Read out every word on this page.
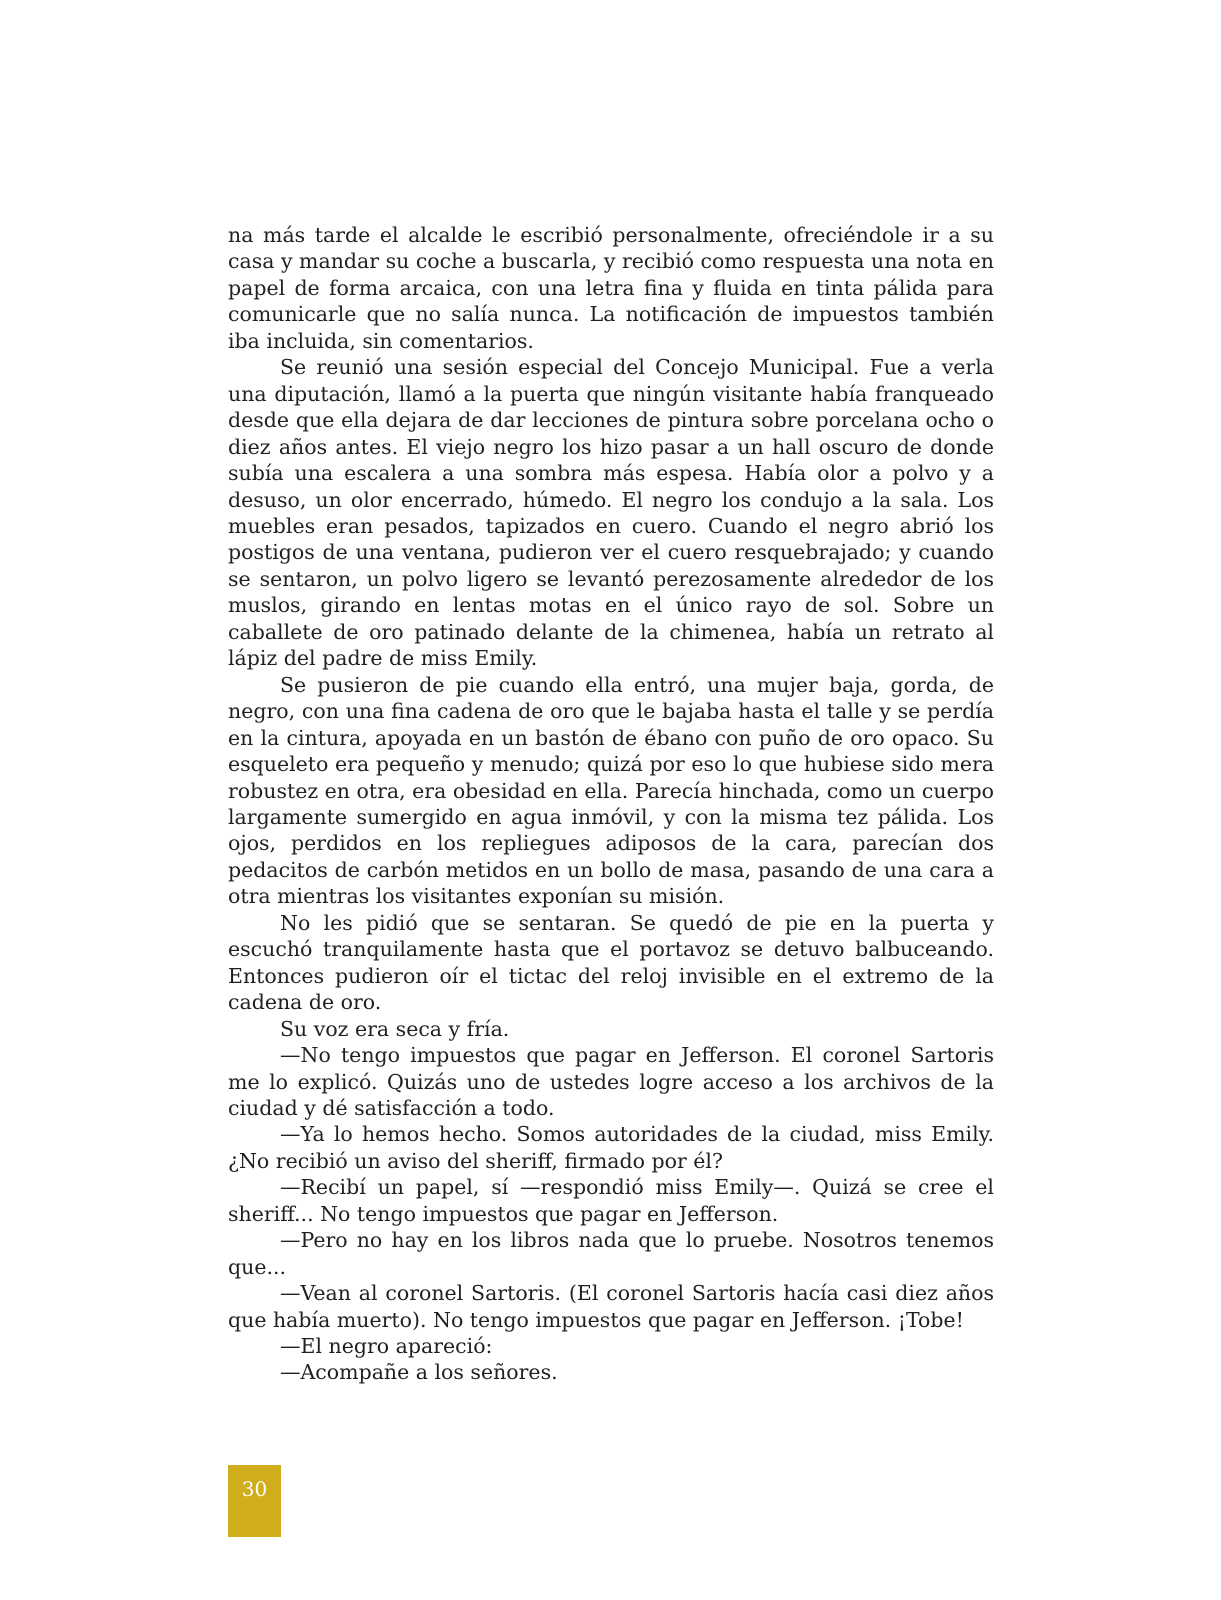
na más tarde el alcalde le escribió personalmente, ofreciéndole ir a su casa y mandar su coche a buscarla, y recibió como respuesta una nota en papel de forma arcaica, con una letra fina y fluida en tinta pálida para comunicarle que no salía nunca. La notificación de impuestos también iba incluida, sin comentarios.

Se reunió una sesión especial del Concejo Municipal. Fue a verla una diputación, llamó a la puerta que ningún visitante había franqueado desde que ella dejara de dar lecciones de pintura sobre porcelana ocho o diez años antes. El viejo negro los hizo pasar a un hall oscuro de donde subía una escalera a una sombra más espesa. Había olor a polvo y a desuso, un olor encerrado, húmedo. El negro los condujo a la sala. Los muebles eran pesados, tapizados en cuero. Cuando el negro abrió los postigos de una ventana, pudieron ver el cuero resquebrajado; y cuando se sentaron, un polvo ligero se levantó perezosamente alrededor de los muslos, girando en lentas motas en el único rayo de sol. Sobre un caballete de oro patinado delante de la chimenea, había un retrato al lápiz del padre de miss Emily.

Se pusieron de pie cuando ella entró, una mujer baja, gorda, de negro, con una fina cadena de oro que le bajaba hasta el talle y se perdía en la cintura, apoyada en un bastón de ébano con puño de oro opaco. Su esqueleto era pequeño y menudo; quizá por eso lo que hubiese sido mera robustez en otra, era obesidad en ella. Parecía hinchada, como un cuerpo largamente sumergido en agua inmóvil, y con la misma tez pálida. Los ojos, perdidos en los repliegues adiposos de la cara, parecían dos pedacitos de carbón metidos en un bollo de masa, pasando de una cara a otra mientras los visitantes exponían su misión.

No les pidió que se sentaran. Se quedó de pie en la puerta y escuchó tranquilamente hasta que el portavoz se detuvo balbuceando. Entonces pudieron oír el tictac del reloj invisible en el extremo de la cadena de oro.

Su voz era seca y fría.

—No tengo impuestos que pagar en Jefferson. El coronel Sartoris me lo explicó. Quizás uno de ustedes logre acceso a los archivos de la ciudad y dé satisfacción a todo.

—Ya lo hemos hecho. Somos autoridades de la ciudad, miss Emily. ¿No recibió un aviso del sheriff, firmado por él?

—Recibí un papel, sí —respondió miss Emily—. Quizá se cree el sheriff... No tengo impuestos que pagar en Jefferson.

—Pero no hay en los libros nada que lo pruebe. Nosotros tenemos que...

—Vean al coronel Sartoris. (El coronel Sartoris hacía casi diez años que había muerto). No tengo impuestos que pagar en Jefferson. ¡Tobe!

—El negro apareció:

—Acompañe a los señores.

30
